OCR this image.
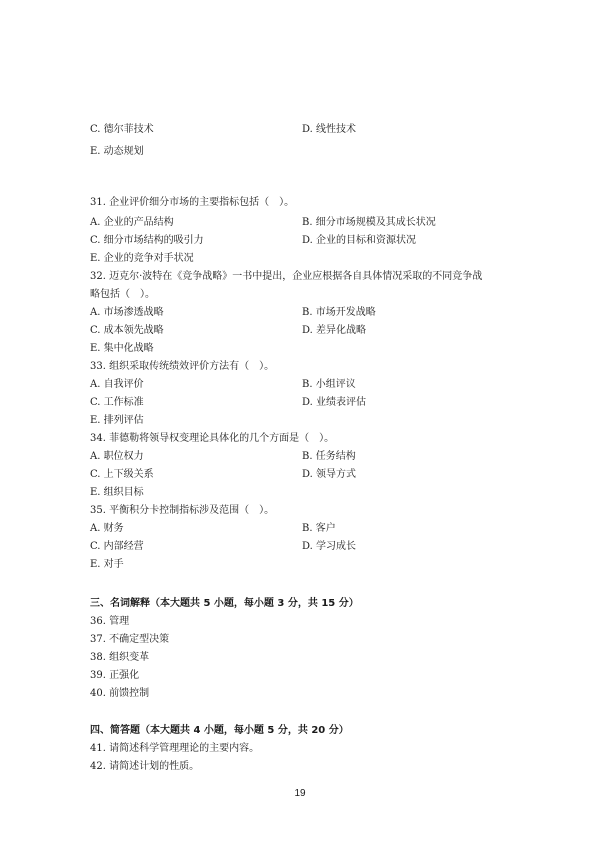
C. 德尔菲技术	D. 线性技术
E. 动态规划
31. 企业评价细分市场的主要指标包括（　）。
A. 企业的产品结构	B. 细分市场规模及其成长状况
C. 细分市场结构的吸引力	D. 企业的目标和资源状况
E. 企业的竞争对手状况
32. 迈克尔·波特在《竞争战略》一书中提出，企业应根据各自具体情况采取的不同竞争战
略包括（　）。
A. 市场渗透战略	B. 市场开发战略
C. 成本领先战略	D. 差异化战略
E. 集中化战略
33. 组织采取传统绩效评价方法有（　）。
A. 自我评价	B. 小组评议
C. 工作标准	D. 业绩表评估
E. 排列评估
34. 菲德勒将领导权变理论具体化的几个方面是（　）。
A. 职位权力	B. 任务结构
C. 上下级关系	D. 领导方式
E. 组织目标
35. 平衡积分卡控制指标涉及范围（　）。
A. 财务	B. 客户
C. 内部经营	D. 学习成长
E. 对手
三、名词解释（本大题共 5 小题，每小题 3 分，共 15 分）
36. 管理
37. 不确定型决策
38. 组织变革
39. 正强化
40. 前馈控制
四、简答题（本大题共 4 小题，每小题 5 分，共 20 分）
41. 请简述科学管理理论的主要内容。
42. 请简述计划的性质。
19
